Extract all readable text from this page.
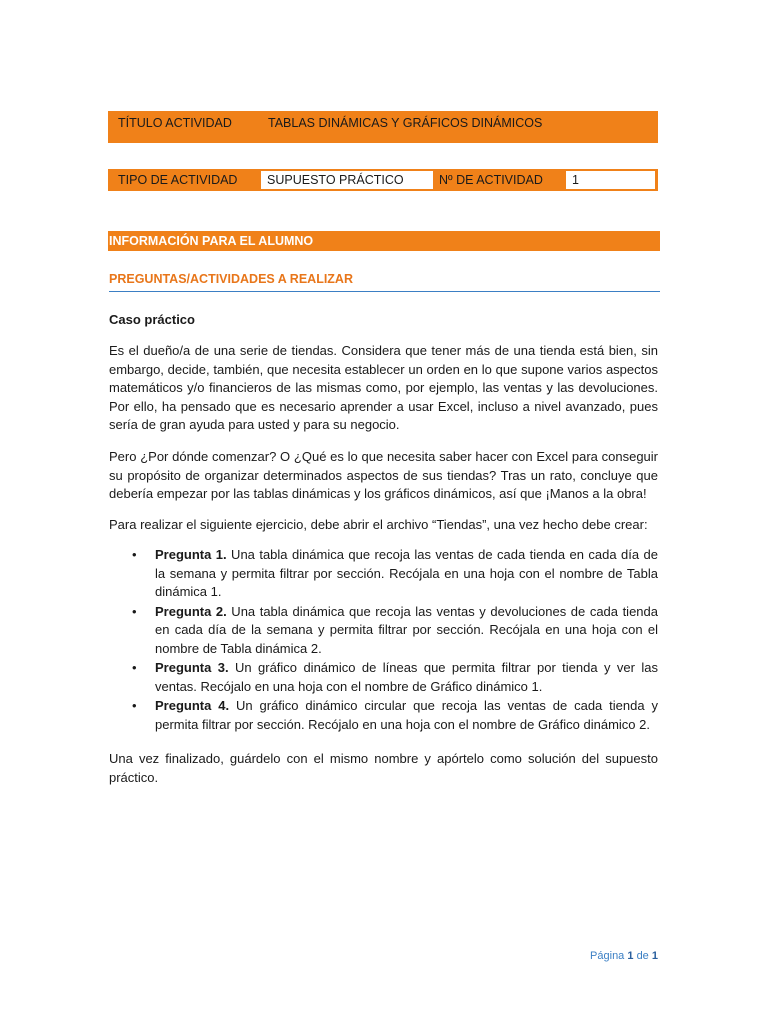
TÍTULO ACTIVIDAD	TABLAS DINÁMICAS Y GRÁFICOS DINÁMICOS
TIPO DE ACTIVIDAD	SUPUESTO PRÁCTICO	Nº DE ACTIVIDAD	1
INFORMACIÓN PARA EL ALUMNO
PREGUNTAS/ACTIVIDADES A REALIZAR
Caso práctico
Es el dueño/a de una serie de tiendas. Considera que tener más de una tienda está bien, sin embargo, decide, también, que necesita establecer un orden en lo que supone varios aspectos matemáticos y/o financieros de las mismas como, por ejemplo, las ventas y las devoluciones. Por ello, ha pensado que es necesario aprender a usar Excel, incluso a nivel avanzado, pues sería de gran ayuda para usted y para su negocio.
Pero ¿Por dónde comenzar? O ¿Qué es lo que necesita saber hacer con Excel para conseguir su propósito de organizar determinados aspectos de sus tiendas? Tras un rato, concluye que debería empezar por las tablas dinámicas y los gráficos dinámicos, así que ¡Manos a la obra!
Para realizar el siguiente ejercicio, debe abrir el archivo “Tiendas”, una vez hecho debe crear:
• Pregunta 1. Una tabla dinámica que recoja las ventas de cada tienda en cada día de la semana y permita filtrar por sección. Recójala en una hoja con el nombre de Tabla dinámica 1.
• Pregunta 2. Una tabla dinámica que recoja las ventas y devoluciones de cada tienda en cada día de la semana y permita filtrar por sección. Recójala en una hoja con el nombre de Tabla dinámica 2.
• Pregunta 3. Un gráfico dinámico de líneas que permita filtrar por tienda y ver las ventas. Recójalo en una hoja con el nombre de Gráfico dinámico 1.
• Pregunta 4. Un gráfico dinámico circular que recoja las ventas de cada tienda y permita filtrar por sección. Recójalo en una hoja con el nombre de Gráfico dinámico 2.
Una vez finalizado, guárdelo con el mismo nombre y apórtelo como solución del supuesto práctico.
Página 1 de 1
